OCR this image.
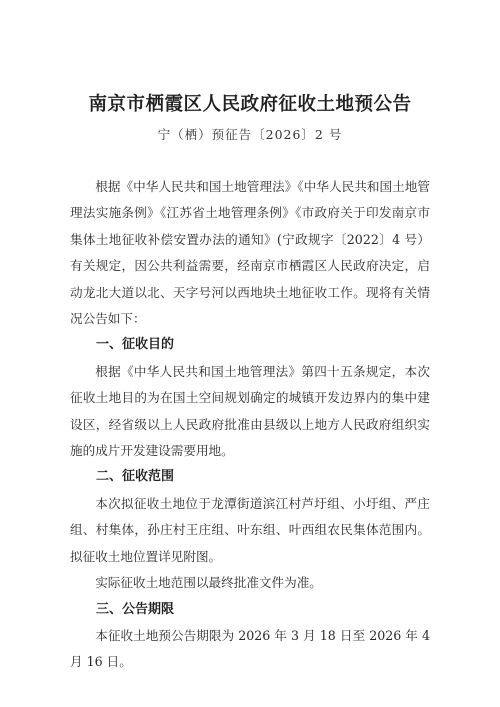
南京市栖霞区人民政府征收土地预公告
宁（栖）预征告〔2026〕2 号

根据《中华人民共和国土地管理法》《中华人民共和国土地管理法实施条例》《江苏省土地管理条例》《市政府关于印发南京市集体土地征收补偿安置办法的通知》(宁政规字〔2022〕4 号）有关规定，因公共利益需要，经南京市栖霞区人民政府决定，启动龙北大道以北、天字号河以西地块土地征收工作。现将有关情况公告如下：

一、征收目的

根据《中华人民共和国土地管理法》第四十五条规定，本次征收土地目的为在国土空间规划确定的城镇开发边界内的集中建设区，经省级以上人民政府批准由县级以上地方人民政府组织实施的成片开发建设需要用地。

二、征收范围

本次拟征收土地位于龙潭街道滨江村芦圩组、小圩组、严庄组、村集体，孙庄村王庄组、叶东组、叶西组农民集体范围内。拟征收土地位置详见附图。

实际征收土地范围以最终批准文件为准。

三、公告期限

本征收土地预公告期限为 2026 年 3 月 18 日至 2026 年 4 月 16 日。
